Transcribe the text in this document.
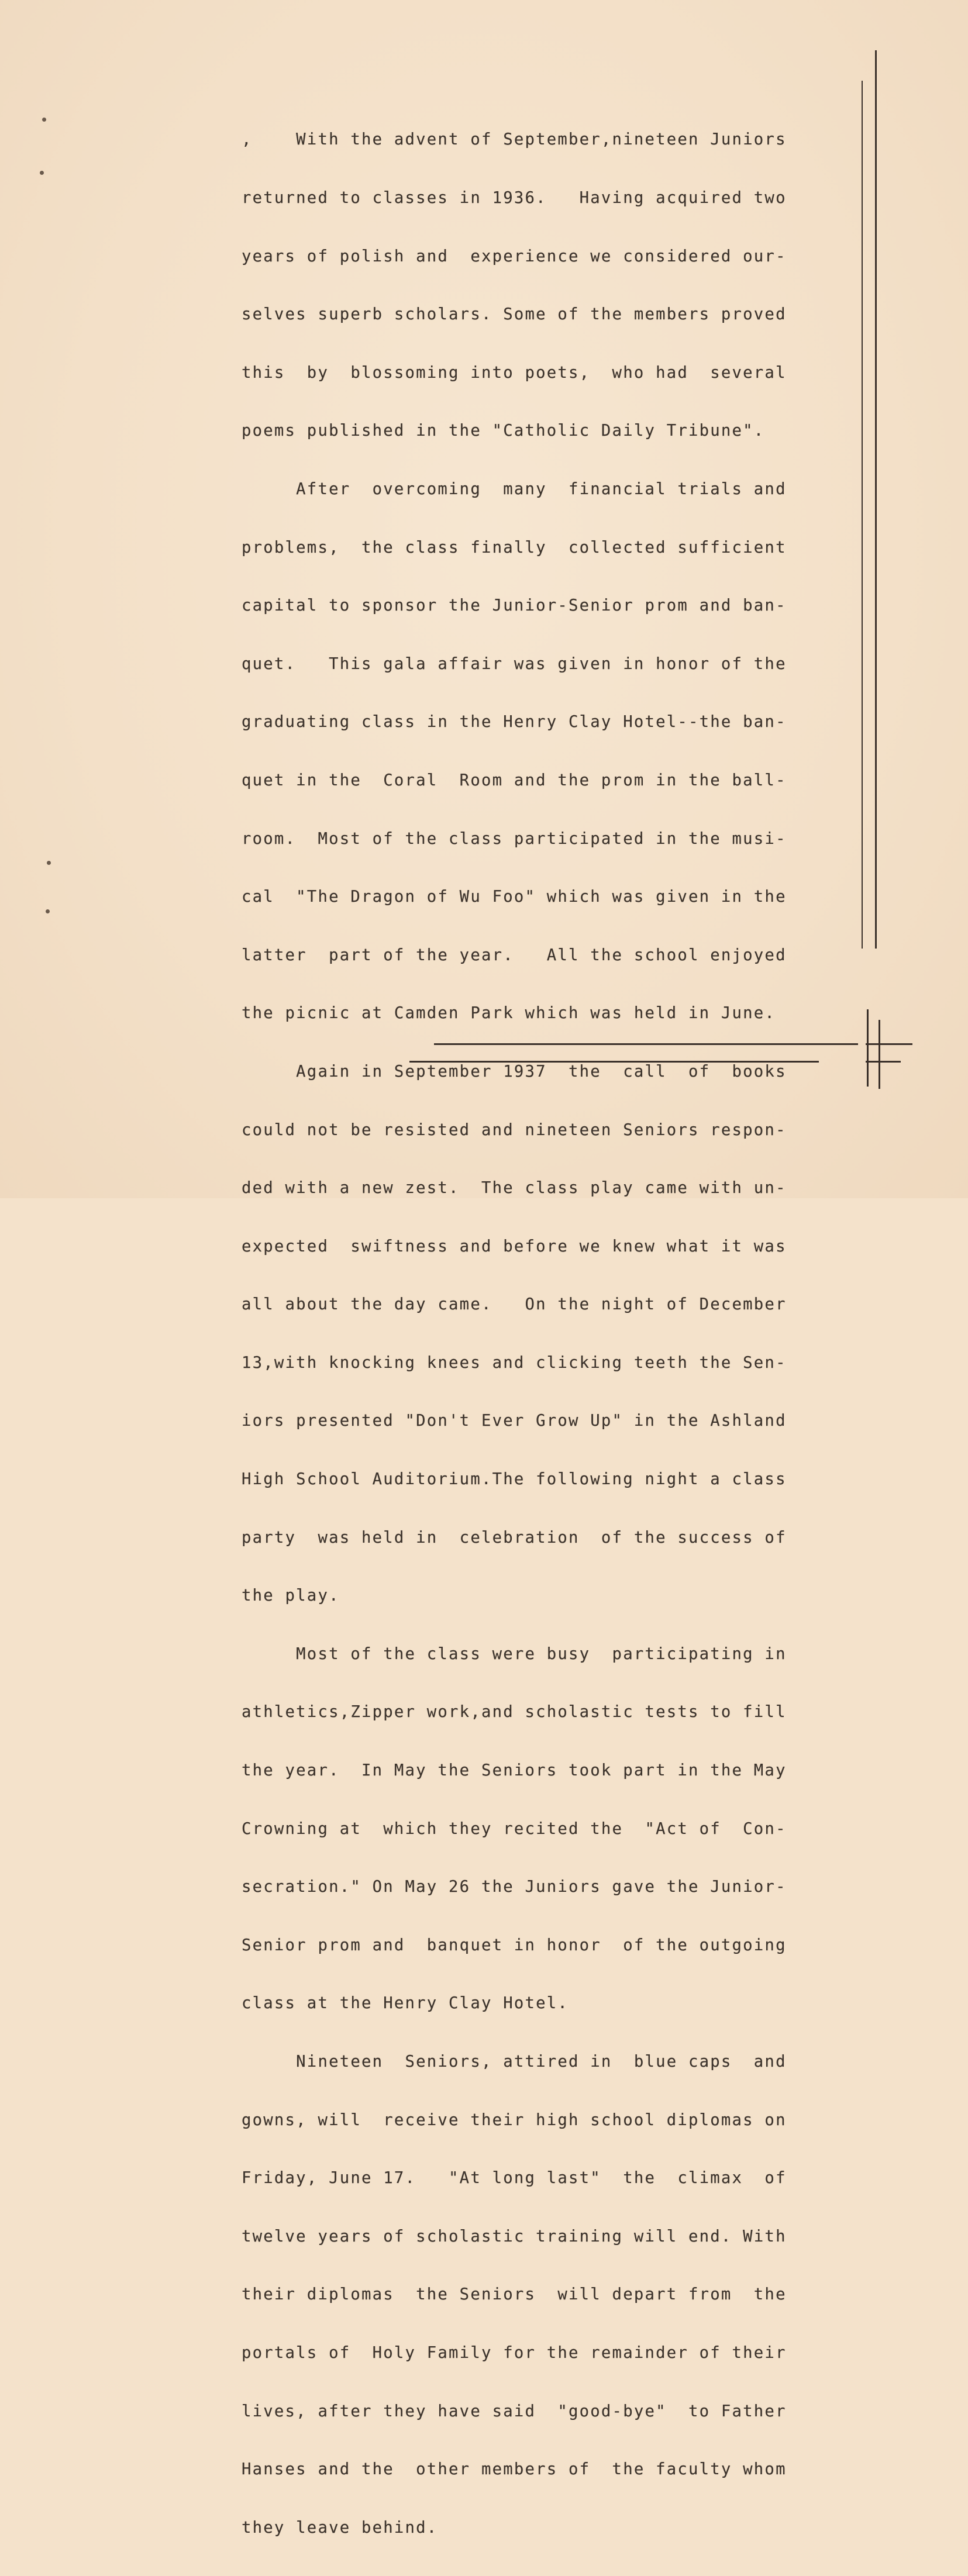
,    With the advent of September,nineteen Juniors

returned to classes in 1936.   Having acquired two

years of polish and  experience we considered our-

selves superb scholars. Some of the members proved

this  by  blossoming into poets,  who had  several

poems published in the "Catholic Daily Tribune".

After  overcoming  many  financial trials and

problems,  the class finally  collected sufficient

capital to sponsor the Junior-Senior prom and ban-

quet.   This gala affair was given in honor of the

graduating class in the Henry Clay Hotel--the ban-

quet in the  Coral  Room and the prom in the ball-

room.  Most of the class participated in the musi-

cal  "The Dragon of Wu Foo" which was given in the

latter  part of the year.   All the school enjoyed

the picnic at Camden Park which was held in June.

Again in September 1937  the  call  of  books

could not be resisted and nineteen Seniors respon-

ded with a new zest.  The class play came with un-

expected  swiftness and before we knew what it was

all about the day came.   On the night of December

13,with knocking knees and clicking teeth the Sen-

iors presented "Don't Ever Grow Up" in the Ashland

High School Auditorium.The following night a class

party  was held in  celebration  of the success of

the play.

Most of the class were busy  participating in

athletics,Zipper work,and scholastic tests to fill

the year.  In May the Seniors took part in the May

Crowning at  which they recited the  "Act of  Con-

secration." On May 26 the Juniors gave the Junior-

Senior prom and  banquet in honor  of the outgoing

class at the Henry Clay Hotel.

Nineteen  Seniors, attired in  blue caps  and

gowns, will  receive their high school diplomas on

Friday, June 17.   "At long last"  the  climax  of

twelve years of scholastic training will end. With

their diplomas  the Seniors  will depart from  the

portals of  Holy Family for the remainder of their

lives, after they have said  "good-bye"  to Father

Hanses and the  other members of  the faculty whom

they leave behind.
